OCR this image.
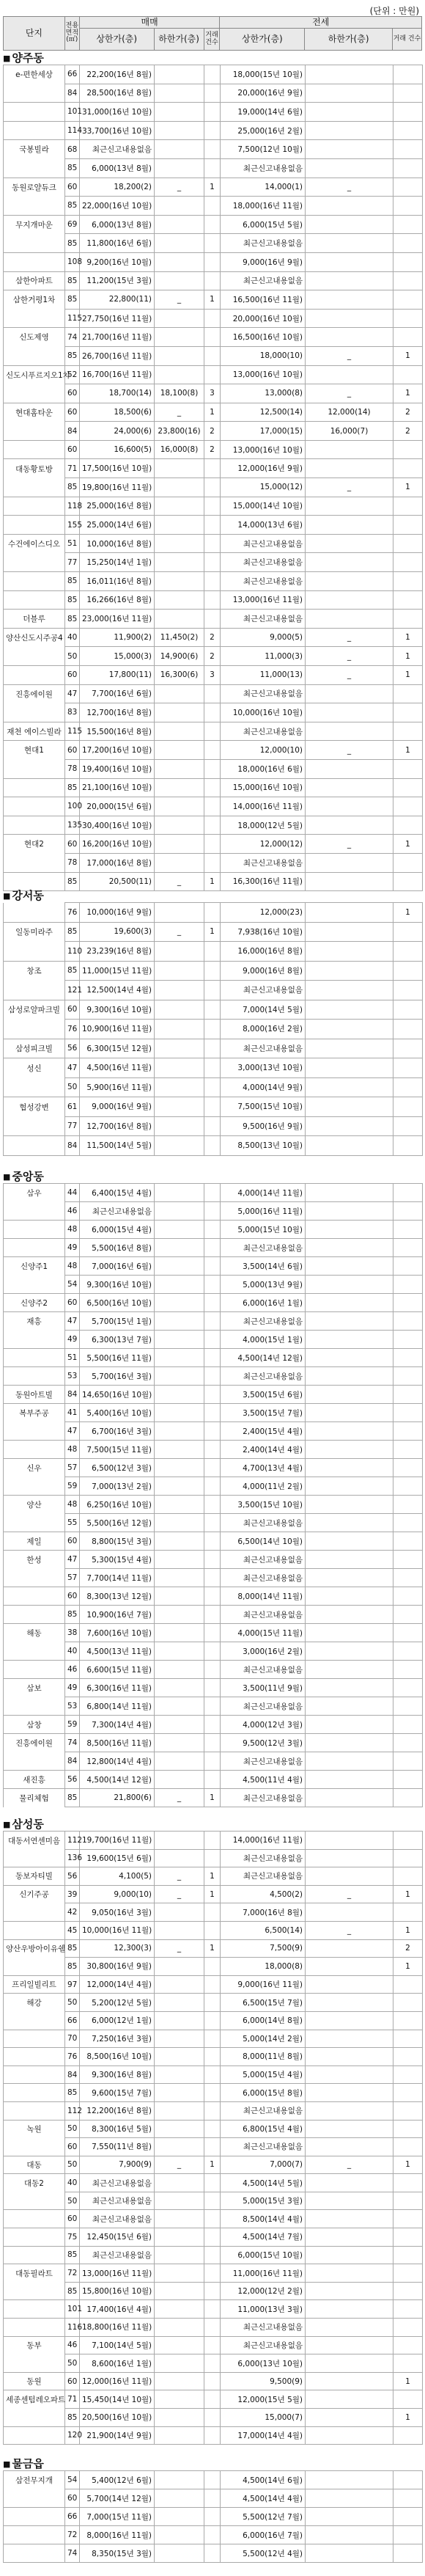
(단위 : 만원)
단지	전용 면적(㎡)	매매			전세		
		상한가(층)	하한가(층)	거래 건수	상한가(층)	하한가(층)	거래 건수
■ 양주동
e-편한세상	66	22,200(16년 8월)			18,000(15년 10월)		
	84	28,500(16년 8월)			20,000(16년 9월)		
	101	31,000(16년 10월)			19,000(14년 6월)		
	114	33,700(16년 10월)			25,000(16년 2월)		
국봉빌라	68	최근신고내용없음			7,500(12년 10월)		
	85	6,000(13년 8월)			최근신고내용없음		
동원로얄듀크	60	18,200(2)	_	1	14,000(1)	_	
	85	22,000(16년 10월)			18,000(16년 11월)		
무지개마운	69	6,000(13년 8월)			6,000(15년 5월)		
	85	11,800(16년 6월)			최근신고내용없음		
	108	9,200(16년 10월)			9,000(16년 9월)		
삼한아파트	85	11,200(15년 3월)			최근신고내용없음		
삼한거평1차	85	22,800(11)	_	1	16,500(16년 11월)		
	115	27,750(16년 11월)			20,000(16년 10월)		
신도제영	74	21,700(16년 11월)			16,500(16년 10월)		
	85	26,700(16년 11월)			18,000(10)	_	1
신도시푸르지오1차	52	16,700(16년 11월)			13,000(16년 10월)		
	60	18,700(14)	18,100(8)	3	13,000(8)	_	1
현대홈타운	60	18,500(6)	_	1	12,500(14)	12,000(14)	2
	84	24,000(6)	23,800(16)	2	17,000(15)	16,000(7)	2
	60	16,600(5)	16,000(8)	2	13,000(16년 10월)		
대동황토방	71	17,500(16년 10월)			12,000(16년 9월)		
	85	19,800(16년 11월)			15,000(12)	_	1
	118	25,000(16년 8월)			15,000(14년 10월)		
	155	25,000(14년 6월)			14,000(13년 6월)		
수건에이스디오	51	10,000(16년 8월)			최근신고내용없음		
	77	15,250(14년 1월)			최근신고내용없음		
	85	16,011(16년 8월)			최근신고내용없음		
	85	16,266(16년 8월)			13,000(16년 11월)		
더블루	85	23,000(16년 11월)			최근신고내용없음		
양산신도시주공4	40	11,900(2)	11,450(2)	2	9,000(5)	_	1
	50	15,000(3)	14,900(6)	2	11,000(3)	_	1
	60	17,800(11)	16,300(6)	3	11,000(13)	_	1
진흥에이원	47	7,700(16년 6월)			최근신고내용없음		
	83	12,700(16년 8월)			10,000(16년 10월)		
재천 에이스빌라	115	15,500(16년 8월)			최근신고내용없음		
현대1	60	17,200(16년 10월)			12,000(10)	_	1
	78	19,400(16년 10월)			18,000(16년 6월)		
	85	21,100(16년 10월)			15,000(16년 10월)		
	100	20,000(15년 6월)			14,000(16년 11월)		
	135	30,400(16년 10월)			18,000(12년 5월)		
현대2	60	16,200(16년 10월)			12,000(12)	_	1
	78	17,000(16년 8월)			최근신고내용없음		
	85	20,500(11)	_	1	16,300(16년 11월)		
■ 강서동
	76	10,000(16년 9월)			12,000(23)		1
일동미라주	85	19,600(3)	_	1	7,938(16년 10월)		
	110	23,239(16년 8월)			16,000(16년 8월)		
창조	85	11,000(15년 11월)			9,000(16년 8월)		
	121	12,500(14년 4월)			최근신고내용없음		
삼성로얄파크빌	60	9,300(16년 10월)			7,000(14년 5월)		
	76	10,900(16년 11월)			8,000(16년 2월)		
삼성피크빌	56	6,300(15년 12월)			최근신고내용없음		
성신	47	4,500(16년 11월)			3,000(13년 10월)		
	50	5,900(16년 11월)			4,000(14년 9월)		
협성강변	61	9,000(16년 9월)			7,500(15년 10월)		
	77	12,700(16년 8월)			9,500(16년 9월)		
	84	11,500(14년 5월)			8,500(13년 10월)		
■ 중앙동
삼우	44	6,400(15년 4월)			4,000(14년 11월)		
	46	최근신고내용없음			5,000(16년 11월)		
	48	6,000(15년 4월)			5,000(15년 10월)		
	49	5,500(16년 8월)			최근신고내용없음		
신양주1	48	7,000(16년 6월)			3,500(14년 6월)		
	54	9,300(16년 10월)			5,000(13년 9월)		
신양주2	60	6,500(16년 10월)			6,000(16년 1월)		
재흥	47	5,700(15년 1월)			최근신고내용없음		
	49	6,300(13년 7월)			4,000(15년 1월)		
	51	5,500(16년 11월)			4,500(14년 12월)		
	53	5,700(16년 3월)			최근신고내용없음		
동원아트빌	84	14,650(16년 10월)			3,500(15년 6월)		
복부주공	41	5,400(16년 10월)			3,500(15년 7월)		
	47	6,700(16년 3월)			2,400(15년 4월)		
	48	7,500(15년 11월)			2,400(14년 4월)		
신우	57	6,500(12년 3월)			4,700(13년 4월)		
	59	7,000(13년 2월)			4,000(11년 2월)		
양산	48	6,250(16년 10월)			3,500(15년 10월)		
	55	5,500(16년 12월)			최근신고내용없음		
제일	60	8,800(15년 3월)			6,500(14년 10월)		
한성	47	5,300(15년 4월)			최근신고내용없음		
	57	7,700(14년 11월)			최근신고내용없음		
	60	8,300(13년 12월)			8,000(14년 11월)		
	85	10,900(16년 7월)			최근신고내용없음		
해동	38	7,600(16년 10월)			4,000(15년 11월)		
	40	4,500(13년 11월)			3,000(16년 2월)		
	46	6,600(15년 11월)			최근신고내용없음		
삼보	49	6,300(16년 11월)			3,500(11년 9월)		
	53	6,800(14년 11월)			최근신고내용없음		
삼창	59	7,300(14년 4월)			4,000(12년 3월)		
진흥에이원	74	8,500(16년 11월)			9,500(12년 3월)		
	84	12,800(14년 4월)			최근신고내용없음		
새진흥	56	4,500(14년 12월)			4,500(11년 4월)		
물리체험	85	21,800(6)	_	1	최근신고내용없음		
■ 삼성동
대동서연센미음	112	19,700(16년 11월)			14,000(16년 11월)		
	136	19,600(15년 6월)			최근신고내용없음		
동보자티빌	56	4,100(5)	_	1	최근신고내용없음		
신기주공	39	9,000(10)	_	1	4,500(2)	_	1
	42	9,050(16년 3월)			7,000(16년 8월)		
	45	10,000(16년 11월)			6,500(14)	_	1
양산우방아이유쉘	85	12,300(3)	_	1	7,500(9)		2
	85	30,800(16년 9월)			18,000(8)		1
프리일빌리트	97	12,000(14년 4월)			9,000(16년 11월)		
해강	50	5,200(12년 5월)			6,500(15년 7월)		
	66	6,000(12년 1월)			6,000(14년 8월)		
	70	7,250(16년 3월)			5,000(14년 2월)		
	76	8,500(16년 10월)			8,000(11년 8월)		
	84	9,300(16년 8월)			5,000(15년 4월)		
	85	9,600(15년 7월)			6,000(15년 8월)		
	112	12,200(16년 8월)			최근신고내용없음		
녹원	50	8,300(16년 5월)			6,800(15년 4월)		
	60	7,550(11년 8월)			최근신고내용없음		
대동	50	7,900(9)	_	1	7,000(7)	_	1
대동2	40	최근신고내용없음			4,500(14년 5월)		
	50	최근신고내용없음			5,000(15년 3월)		
	60	최근신고내용없음			8,500(14년 4월)		
	75	12,450(15년 6월)			4,500(14년 7월)		
	85	최근신고내용없음			6,000(15년 10월)		
대동필라트	72	13,000(16년 11월)			11,000(16년 11월)		
	85	15,800(16년 10월)			12,000(12년 2월)		
	101	17,400(16년 4월)			11,000(13년 3월)		
	116	18,800(16년 11월)			최근신고내용없음		
동부	46	7,100(14년 5월)			최근신고내용없음		
	50	8,600(16년 1월)			6,000(13년 10월)		
동원	60	12,000(16년 11월)			9,500(9)		1
세종센텀레오파트	71	15,450(14년 10월)			12,000(15년 5월)		
	85	20,500(16년 10월)			15,000(7)		1
	120	21,900(14년 9월)			17,000(14년 4월)		
■ 물금읍
삼전무지개	54	5,400(12년 6월)			4,500(14년 6월)		
	60	5,700(14년 12월)			4,500(14년 4월)		
	66	7,000(15년 11월)			5,500(12년 7월)		
	72	8,000(16년 11월)			6,000(16년 7월)		
	74	8,350(15년 3월)			5,500(12년 4월)		
